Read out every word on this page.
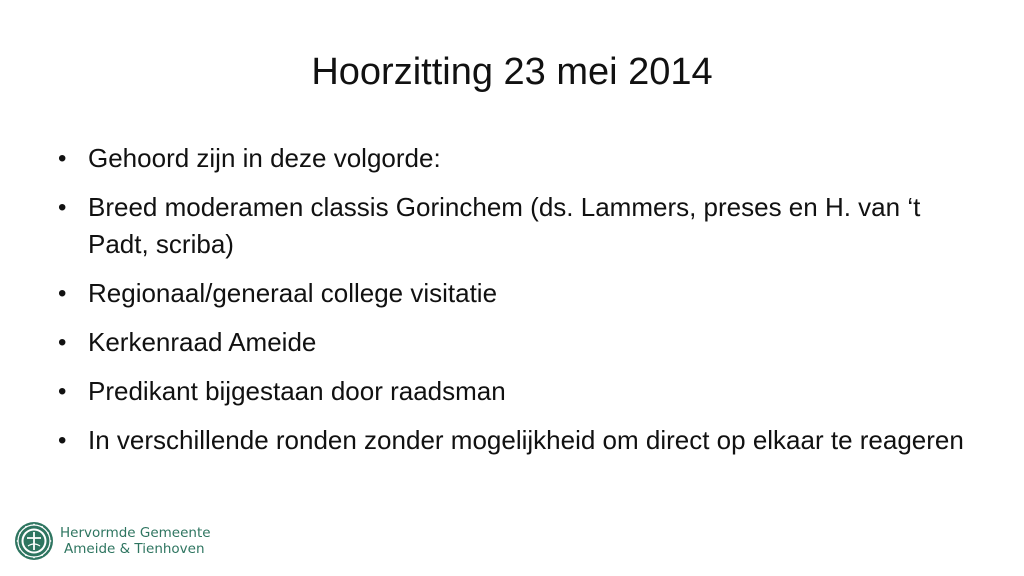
Hoorzitting 23 mei 2014
• Gehoord zijn in deze volgorde:
• Breed moderamen classis Gorinchem (ds. Lammers, preses en H. van ‘t Padt, scriba)
• Regionaal/generaal college visitatie
• Kerkenraad Ameide
• Predikant bijgestaan door raadsman
• In verschillende ronden zonder mogelijkheid om direct op elkaar te reageren
Hervormde Gemeente
Ameide & Tienhoven
